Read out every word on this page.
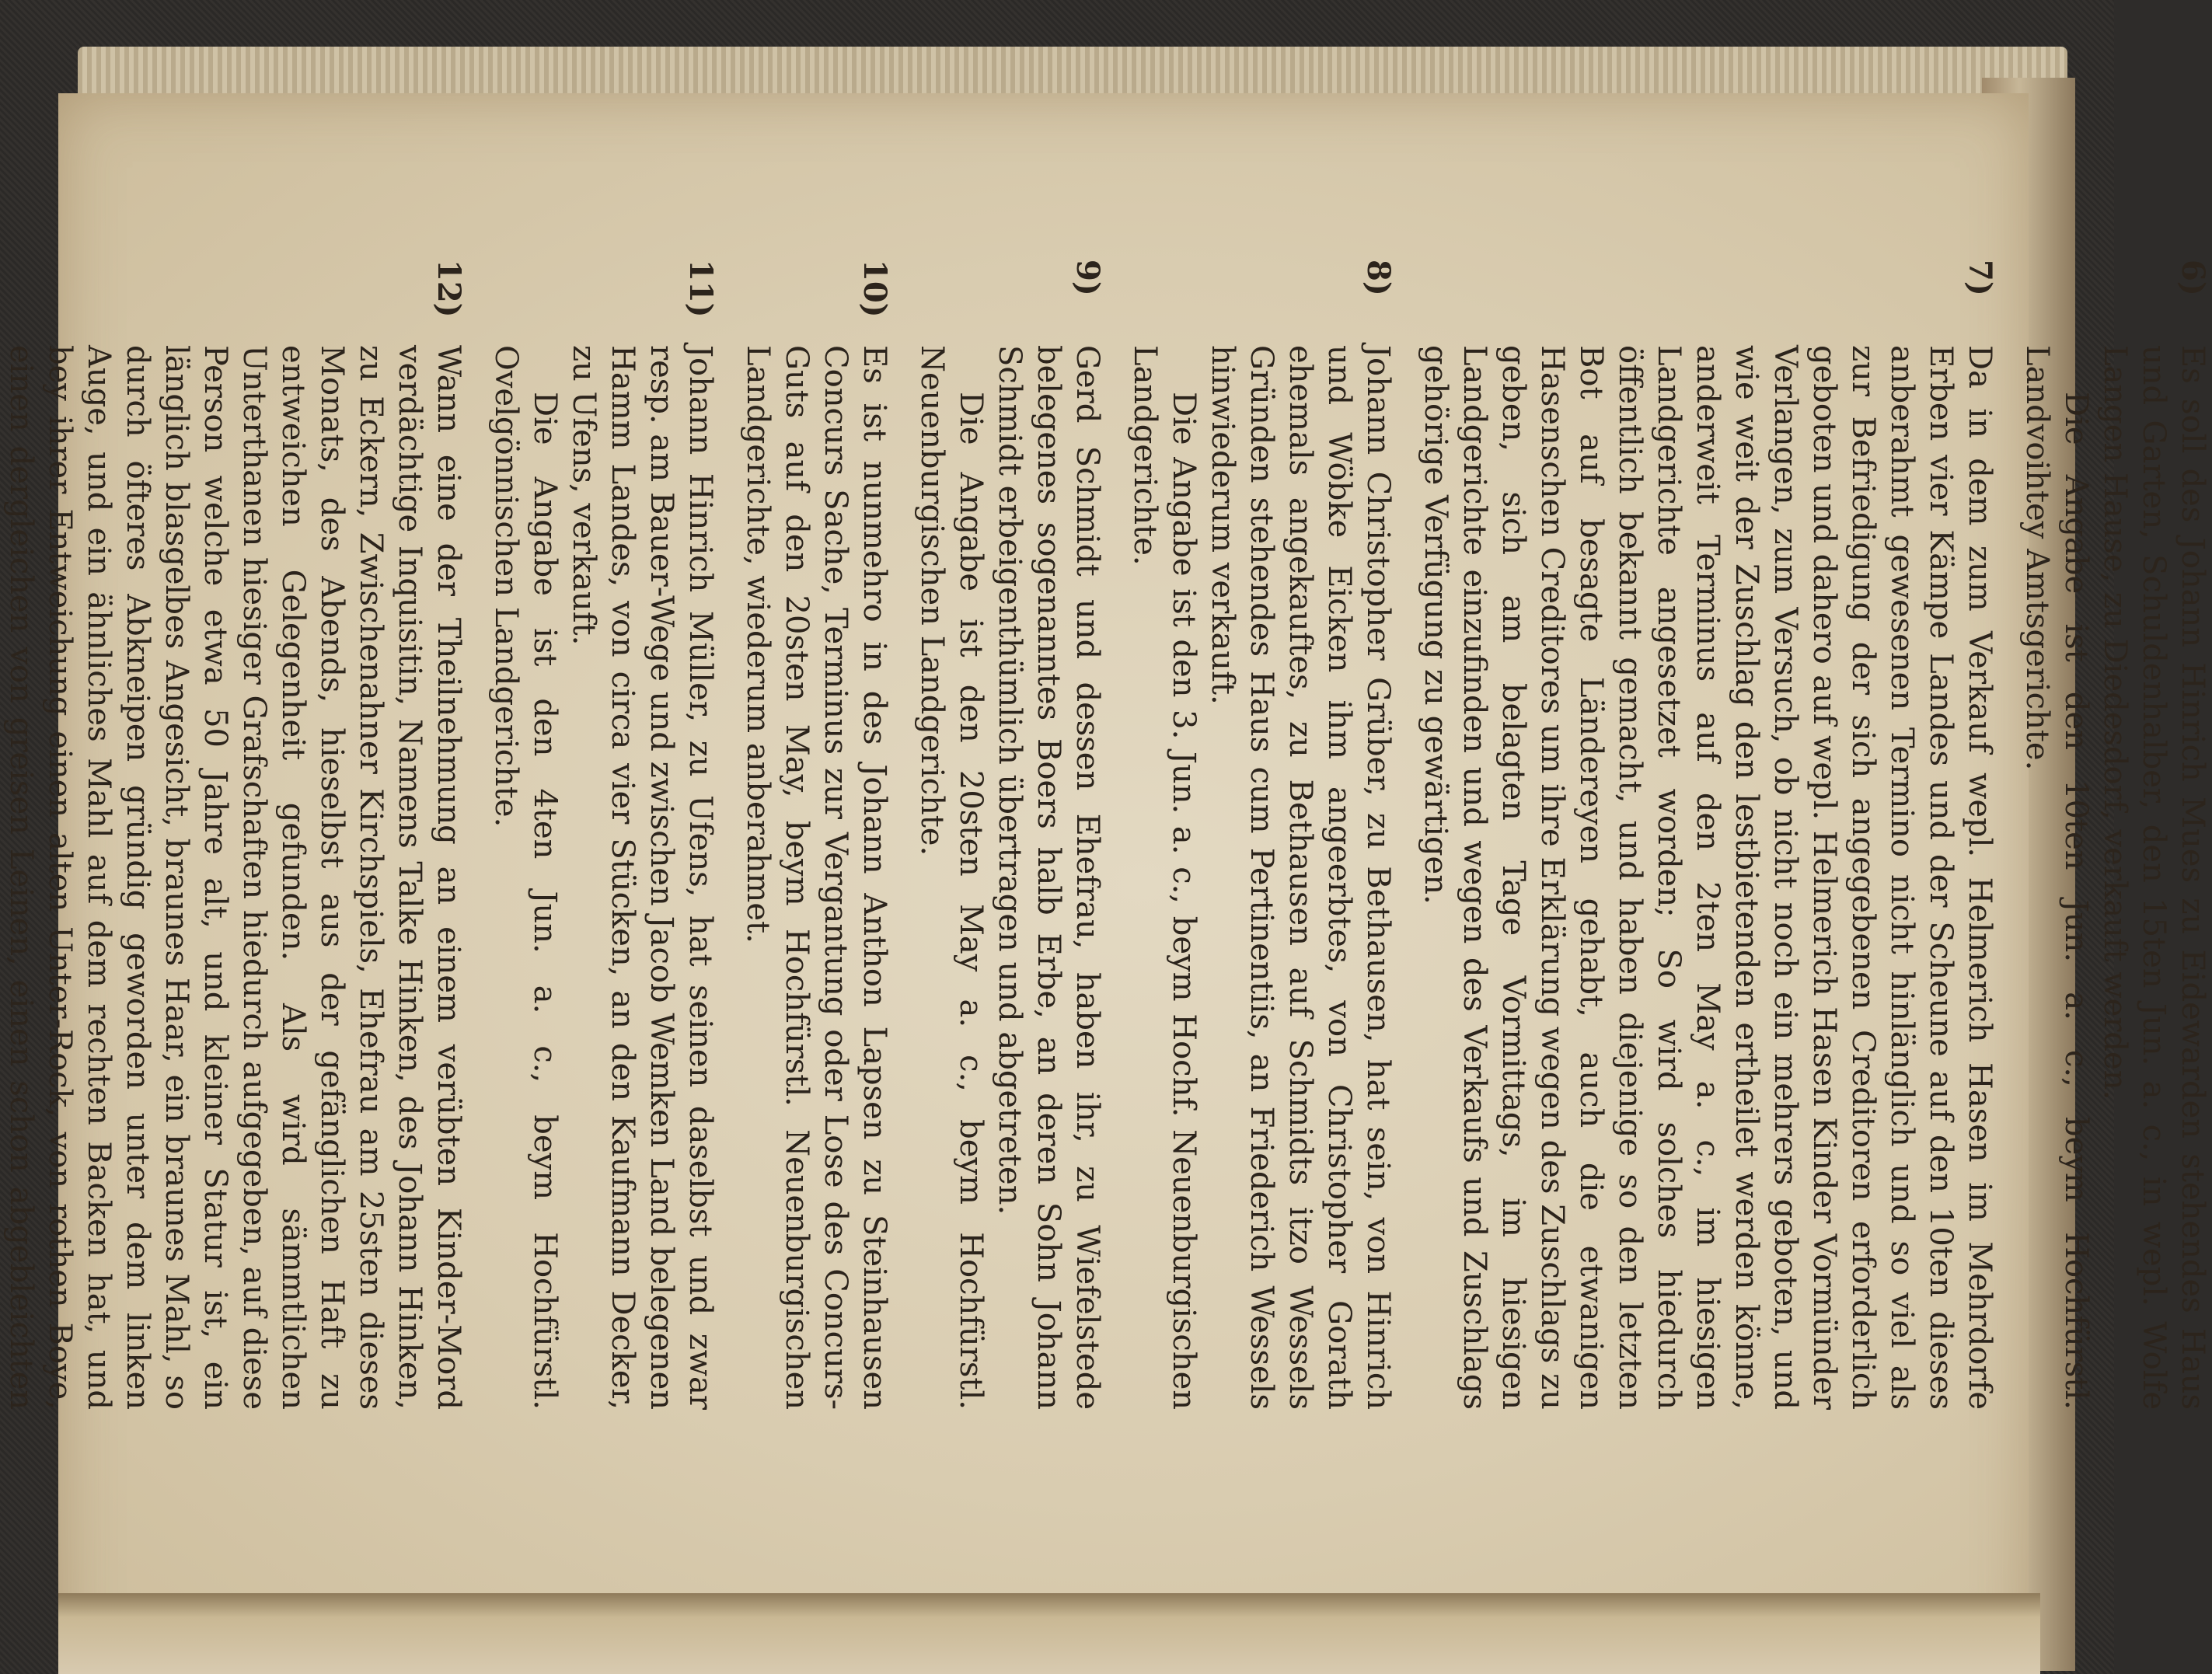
6)

Es soll des Johann Hinrich Mues zu Eidewarden stehendes Haus und Garten, Schuldenhalber, den 15ten Jun. a. c., in wepl. Wolfe Langen Hause, zu Diedesdorf, verkauft werden.

Die Angabe ist den 10ten Jun. a. c., beym Hochfürstl. Landvoihtey Amtsgerichte.

7)

Da in dem zum Verkauf wepl. Helmerich Hasen im Mehrdorfe Erben vier Kämpe Landes und der Scheune auf den 10ten dieses anberahmt gewesenen Termino nicht hinlänglich und so viel als zur Befriedigung der sich angegebenen Creditoren erforderlich geboten und dahero auf wepl. Helmerich Hasen Kinder Vormünder Verlangen, zum Versuch, ob nicht noch ein mehrers geboten, und wie weit der Zuschlag den lestbietenden ertheilet werden könne, anderweit Terminus auf den 2ten May a. c., im hiesigen Landgerichte angesetzet worden; So wird solches hiedurch öffentlich bekannt gemacht, und haben diejenige so den letzten Bot auf besagte Ländereyen gehabt, auch die etwanigen Hasenschen Creditores um ihre Erklärung wegen des Zuschlags zu geben, sich am belagten Tage Vormittags, im hiesigen Landgerichte einzufinden und wegen des Verkaufs und Zuschlags gehörige Verfügung zu gewärtigen.

8)

Johann Christopher Grüber, zu Bethausen, hat sein, von Hinrich und Wöbke Eicken ihm angeerbtes, von Christopher Gorath ehemals angekauftes, zu Bethausen auf Schmidts itzo Wessels Gründen stehendes Haus cum Pertinentiis, an Friederich Wessels hinwiederum verkauft.

Die Angabe ist den 3. Jun. a. c., beym Hochf. Neuenburgischen Landgerichte.

9)

Gerd Schmidt und dessen Ehefrau, haben ihr, zu Wiefelstede belegenes sogenanntes Boers halb Erbe, an deren Sohn Johann Schmidt erbeigenthümlich übertragen und abgetreten.

Die Angabe ist den 20sten May a. c., beym Hochfürstl. Neuenburgischen Landgerichte.

10)

Es ist nunmehro in des Johann Anthon Lapsen zu Steinhausen Concurs Sache, Terminus zur Vergantung oder Lose des Concurs-Guts auf den 20sten May, beym Hochfürstl. Neuenburgischen Landgerichte, wiederum anberahmet.

11)

Johann Hinrich Müller, zu Ufens, hat seinen daselbst und zwar resp. am Bauer-Wege und zwischen Jacob Wemken Land belegenen Hamm Landes, von circa vier Stücken, an den Kaufmann Decker, zu Ufens, verkauft.

Die Angabe ist den 4ten Jun. a. c., beym Hochfürstl. Ovelgönnischen Landgerichte.

12)

Wann eine der Theilnehmung an einem verübten Kinder-Mord verdächtige Inquisitin, Namens Talke Hinken, des Johann Hinken, zu Eckern, Zwischenahner Kirchspiels, Ehefrau am 25sten dieses Monats, des Abends, hieselbst aus der gefänglichen Haft zu entweichen Gelegenheit gefunden. Als wird sämmtlichen Unterthanen hiesiger Grafschaften hiedurch aufgegeben, auf diese Person welche etwa 50 Jahre alt, und kleiner Statur ist, ein länglich blasgelbes Angesicht, braunes Haar, ein braunes Mahl, so durch öfteres Abkneipen gründig geworden unter dem linken Auge, und ein ähnliches Mahl auf dem rechten Backen hat, und bey ihrer Entweichung einen alten Unter-Rock, von rothen Boye, einen dergleichen von greisen Leinen, einen schon abgebleichten
